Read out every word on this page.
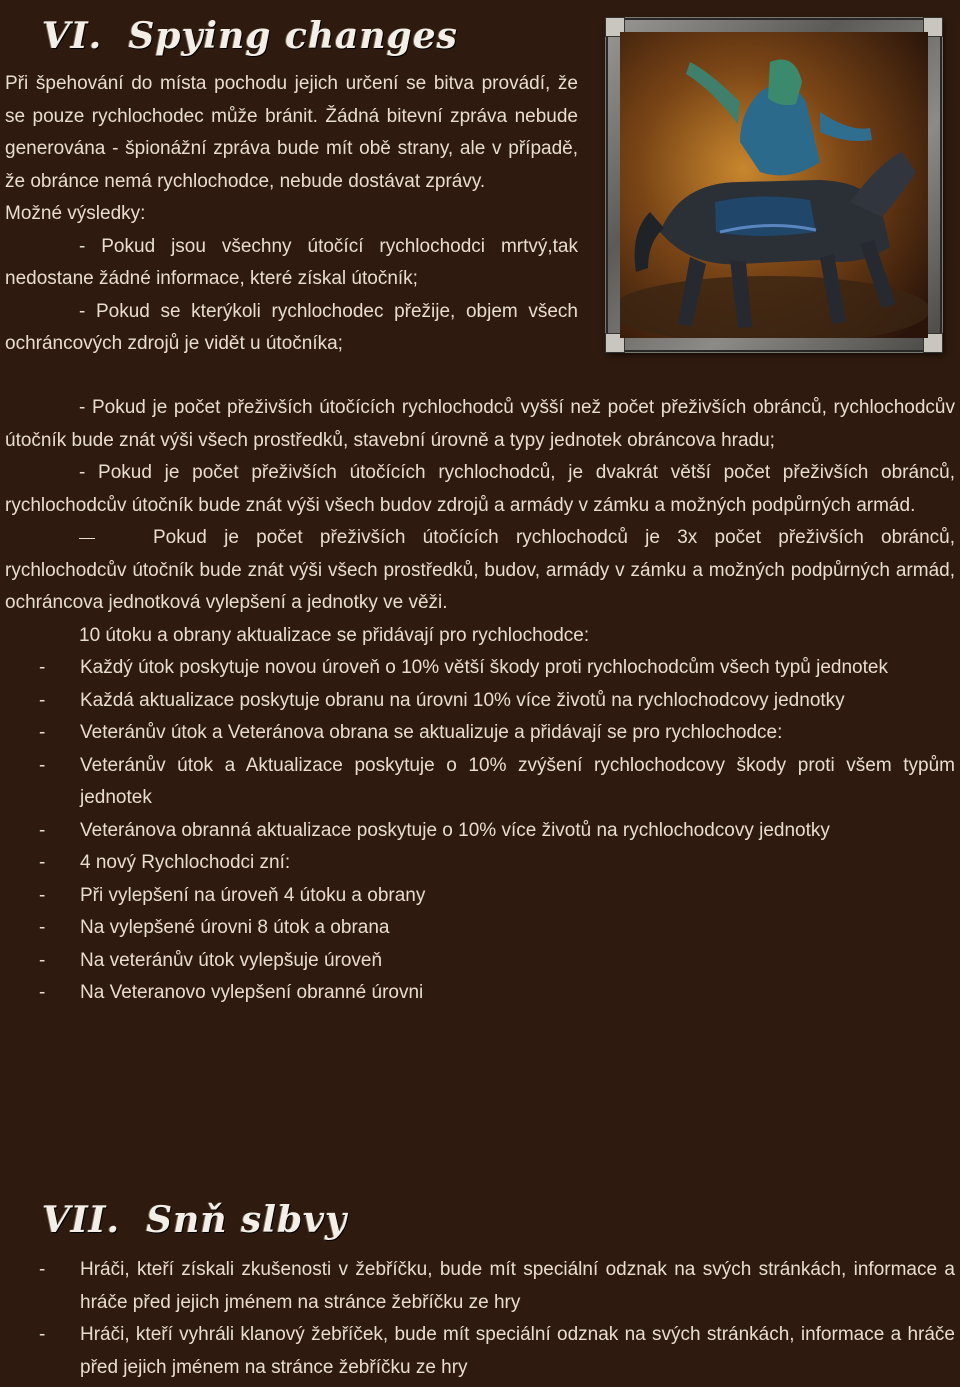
VI. Spying changes

Při špehování do místa pochodu jejich určení se bitva provádí, že se pouze rychlochodec může bránit. Žádná bitevní zpráva nebude generována - špionážní zpráva bude mít obě strany, ale v případě, že obránce nemá rychlochodce, nebude dostávat zprávy.

Možné výsledky:

- Pokud jsou všechny útočící rychlochodci mrtvý,tak nedostane žádné informace, které získal útočník;

- Pokud se kterýkoli rychlochodec přežije, objem všech ochráncových zdrojů je vidět u útočníka;

- Pokud je počet přeživších útočících rychlochodců vyšší než počet přeživších obránců, rychlochodcův útočník bude znát výši všech prostředků, stavební úrovně a typy jednotek obráncova hradu;

- Pokud je počet přeživších útočících rychlochodců, je dvakrát větší počet přeživších obránců, rychlochodcův útočník bude znát výši všech budov zdrojů a armády v zámku a možných podpůrných armád.

Pokud je počet přeživších útočících rychlochodců je 3x počet přeživších obránců, rychlochodcův útočník bude znát výši všech prostředků, budov, armády v zámku a možných podpůrných armád, ochráncova jednotková vylepšení a jednotky ve věži.

10 útoku a obrany aktualizace se přidávají pro rychlochodce:

- Každý útok poskytuje novou úroveň o 10% větší škody proti rychlochodcům všech typů jednotek
- Každá aktualizace poskytuje obranu na úrovni 10% více životů na rychlochodcovy jednotky
- Veteránův útok a Veteránova obrana se aktualizuje a přidávají se pro rychlochodce:
- Veteránův útok a Aktualizace poskytuje o 10% zvýšení rychlochodcovy škody proti všem typům jednotek
- Veteránova obranná aktualizace poskytuje o 10% více životů na rychlochodcovy jednotky
- 4 nový Rychlochodci zní:
- Při vylepšení na úroveň 4 útoku a obrany
- Na vylepšené úrovni 8 útok a obrana
- Na veteránův útok vylepšuje úroveň
- Na Veteranovo vylepšení obranné úrovni
VII. Snň slbvy
- Hráči, kteří získali zkušenosti v žebříčku, bude mít speciální odznak na svých stránkách, informace a hráče před jejich jménem na stránce žebříčku ze hry
- Hráči, kteří vyhráli klanový žebříček, bude mít speciální odznak na svých stránkách, informace a hráče před jejich jménem na stránce žebříčku ze hry
